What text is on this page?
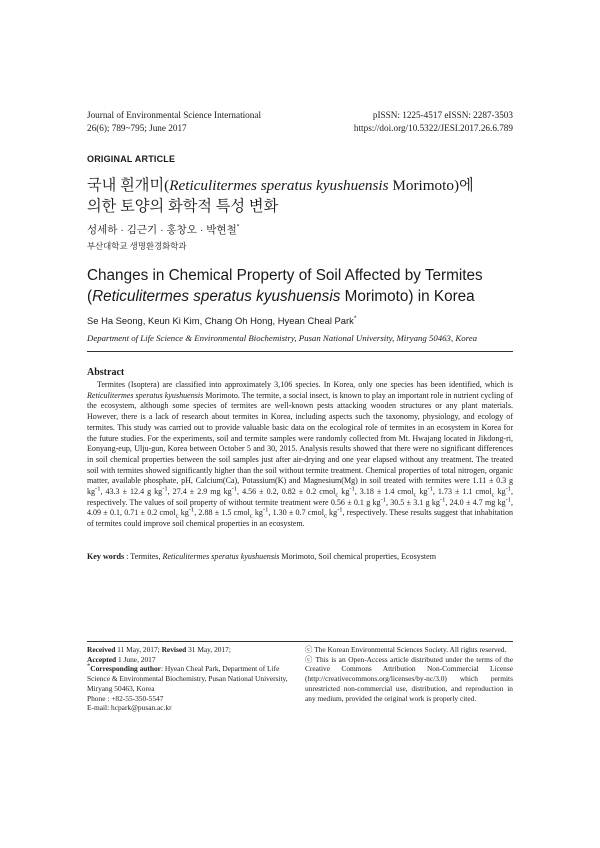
Journal of Environmental Science International
26(6); 789~795; June 2017
pISSN: 1225-4517 eISSN: 2287-3503
https://doi.org/10.5322/JESI.2017.26.6.789
ORIGINAL ARTICLE
국내 흰개미(Reticulitermes speratus kyushuensis Morimoto)에
의한 토양의 화학적 특성 변화
성세하 · 김근기 · 홍창오 · 박현철*
부산대학교 생명환경화학과
Changes in Chemical Property of Soil Affected by Termites
(Reticulitermes speratus kyushuensis Morimoto) in Korea
Se Ha Seong, Keun Ki Kim, Chang Oh Hong, Hyean Cheal Park*
Department of Life Science & Environmental Biochemistry, Pusan National University, Miryang 50463, Korea
Abstract

Termites (Isoptera) are classified into approximately 3,106 species. In Korea, only one species has been identified, which is Reticulitermes speratus kyushuensis Morimoto. The termite, a social insect, is known to play an important role in nutrient cycling of the ecosystem, although some species of termites are well-known pests attacking wooden structures or any plant materials. However, there is a lack of research about termites in Korea, including aspects such the taxonomy, physiology, and ecology of termites. This study was carried out to provide valuable basic data on the ecological role of termites in an ecosystem in Korea for the future studies. For the experiments, soil and termite samples were randomly collected from Mt. Hwajang located in Jikdong-ri, Eonyang-eup, Ulju-gun, Korea between October 5 and 30, 2015. Analysis results showed that there were no significant differences in soil chemical properties between the soil samples just after air-drying and one year elapsed without any treatment. The treated soil with termites showed significantly higher than the soil without termite treatment. Chemical properties of total nitrogen, organic matter, available phosphate, pH, Calcium(Ca), Potassium(K) and Magnesium(Mg) in soil treated with termites were 1.11 ± 0.3 g $kg^{-1}$, 43.3 ± 12.4 g $kg^{-1}$, 27.4 ± 2.9 mg $kg^{-1}$, 4.56 ± 0.2, 0.82 ± 0.2 cmol$_c$ $kg^{-1}$, 3.18 ± 1.4 cmol$_c$ $kg^{-1}$, 1.73 ± 1.1 cmol$_c$ $kg^{-1}$, respectively. The values of soil property of without termite treatment were 0.56 ± 0.1 g $kg^{-1}$, 30.5 ± 3.1 g $kg^{-1}$, 24.0 ± 4.7 mg $kg^{-1}$, 4.09 ± 0.1, 0.71 ± 0.2 cmol$_c$ $kg^{-1}$, 2.88 ± 1.5 cmol$_c$ $kg^{-1}$, 1.30 ± 0.7 cmol$_c$ $kg^{-1}$, respectively. These results suggest that inhabitation of termites could improve soil chemical properties in an ecosystem.

Key words : Termites, Reticulitermes speratus kyushuensis Morimoto, Soil chemical properties, Ecosystem

Received 11 May, 2017; Revised 31 May, 2017;

Accepted 1 June, 2017

*Corresponding author: Hyean Cheal Park, Department of Life Science & Environmental Biochemistry, Pusan National University, Miryang 50463, Korea

Phone : +82-55-350-5547

E-mail: hcpark@pusan.ac.kr

ⓒ The Korean Environmental Sciences Society. All rights reserved.

ⓒ This is an Open-Access article distributed under the terms of the Creative Commons Attribution Non-Commercial License (http://creativecommons.org/licenses/by-nc/3.0) which permits unrestricted non-commercial use, distribution, and reproduction in any medium, provided the original work is properly cited.
